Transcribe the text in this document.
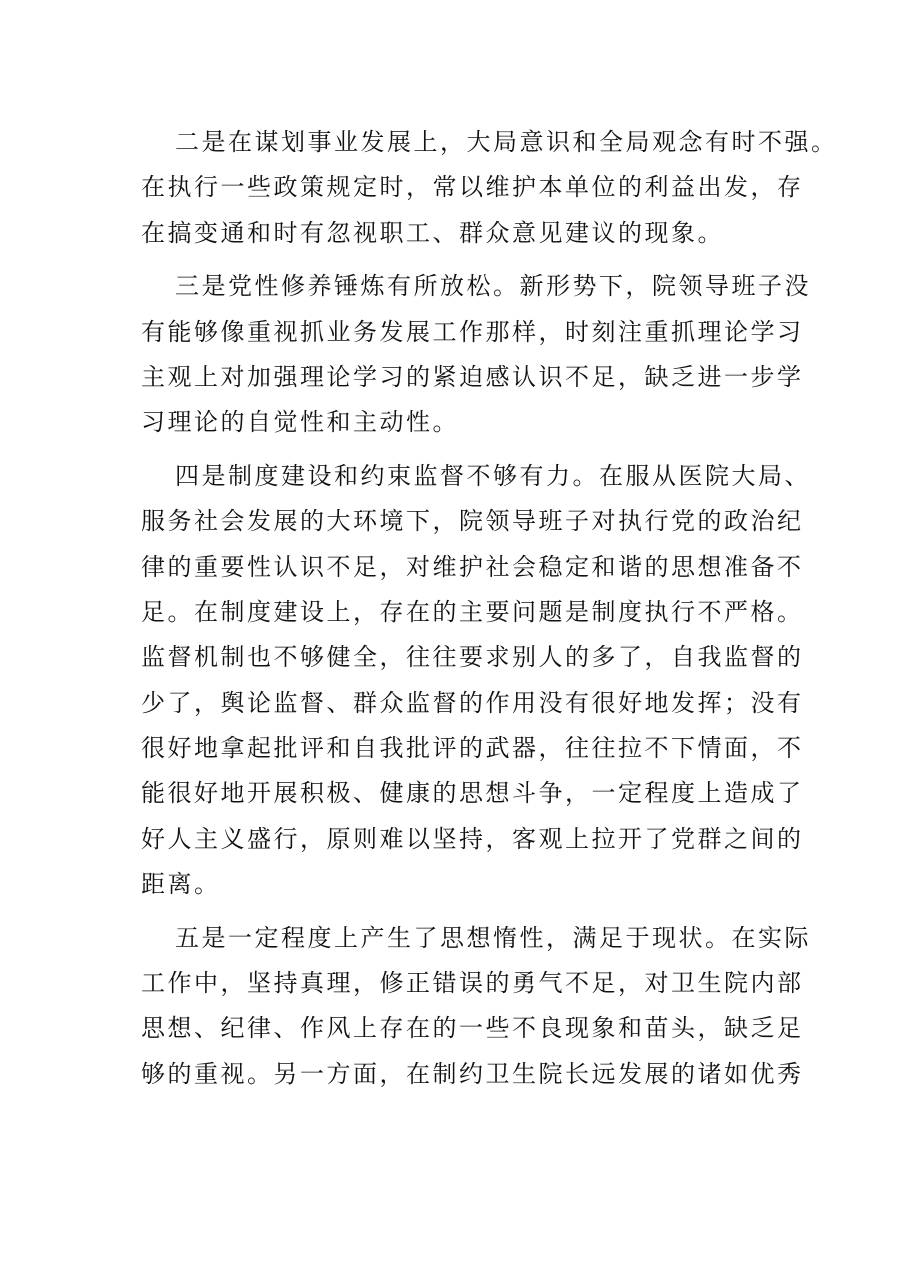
二是在谋划事业发展上，大局意识和全局观念有时不强。
在执行一些政策规定时，常以维护本单位的利益出发，存
在搞变通和时有忽视职工、群众意见建议的现象。
三是党性修养锤炼有所放松。新形势下，院领导班子没
有能够像重视抓业务发展工作那样，时刻注重抓理论学习
主观上对加强理论学习的紧迫感认识不足，缺乏进一步学
习理论的自觉性和主动性。
四是制度建设和约束监督不够有力。在服从医院大局、
服务社会发展的大环境下，院领导班子对执行党的政治纪
律的重要性认识不足，对维护社会稳定和谐的思想准备不
足。在制度建设上，存在的主要问题是制度执行不严格。
监督机制也不够健全，往往要求别人的多了，自我监督的
少了，舆论监督、群众监督的作用没有很好地发挥；没有
很好地拿起批评和自我批评的武器，往往拉不下情面，不
能很好地开展积极、健康的思想斗争，一定程度上造成了
好人主义盛行，原则难以坚持，客观上拉开了党群之间的
距离。
五是一定程度上产生了思想惰性，满足于现状。在实际
工作中，坚持真理，修正错误的勇气不足，对卫生院内部
思想、纪律、作风上存在的一些不良现象和苗头，缺乏足
够的重视。另一方面，在制约卫生院长远发展的诸如优秀
